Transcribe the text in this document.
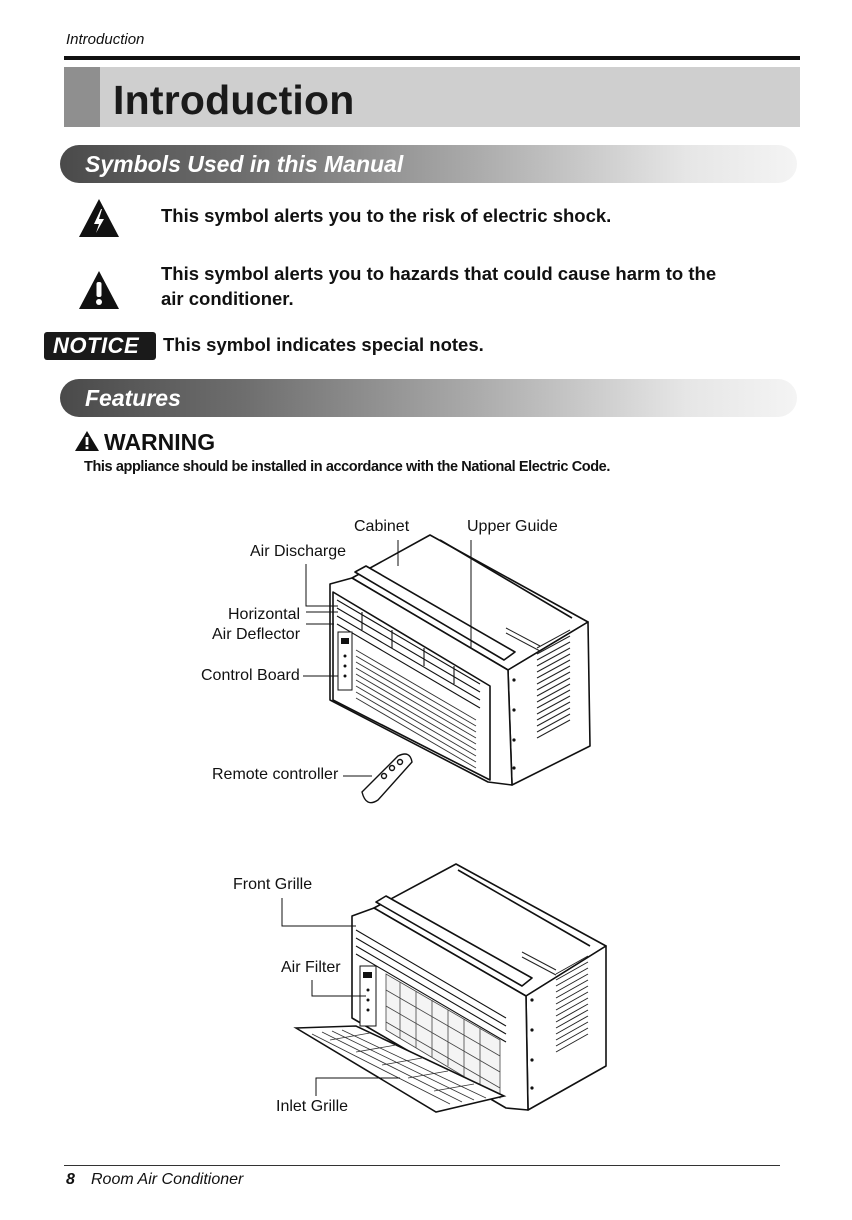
Introduction
Introduction
Symbols Used in this Manual
This symbol alerts you to the risk of electric shock.
This symbol alerts you to hazards that could cause harm to the
air conditioner.
NOTICE This symbol indicates special notes.
Features
WARNING
This appliance should be installed in accordance with the National Electric Code.
Cabinet	Upper Guide
Air Discharge
Horizontal
Air Deflector
Control Board
Remote controller
Front Grille
Air Filter
Inlet Grille
8 Room Air Conditioner
